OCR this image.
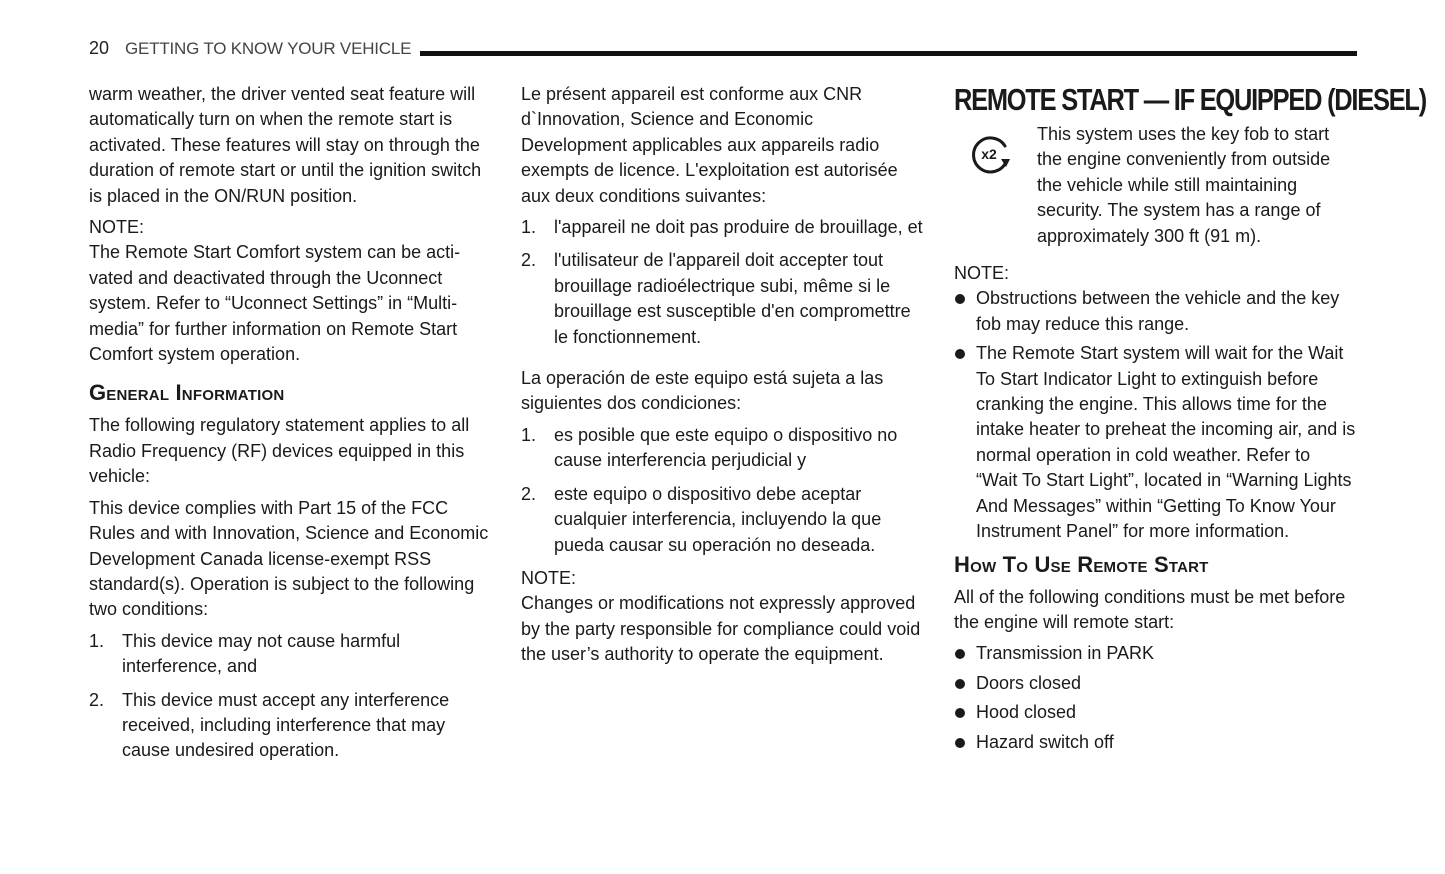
20 GETTING TO KNOW YOUR VEHICLE

warm weather, the driver vented seat feature will automatically turn on when the remote start is activated. These features will stay on through the duration of remote start or until the ignition switch is placed in the ON/RUN position.

NOTE:

The Remote Start Comfort system can be activated and deactivated through the Uconnect system. Refer to “Uconnect Settings” in “Multimedia” for further information on Remote Start Comfort system operation.

General Information

The following regulatory statement applies to all Radio Frequency (RF) devices equipped in this vehicle:

This device complies with Part 15 of the FCC Rules and with Innovation, Science and Economic Development Canada license-exempt RSS standard(s). Operation is subject to the following two conditions:

1. This device may not cause harmful interference, and
2. This device must accept any interference received, including interference that may cause undesired operation.

Le présent appareil est conforme aux CNR d`Innovation, Science and Economic Development applicables aux appareils radio exempts de licence. L'exploitation est autorisée aux deux conditions suivantes:

1. l'appareil ne doit pas produire de brouillage, et
2. l'utilisateur de l'appareil doit accepter tout brouillage radioélectrique subi, même si le brouillage est susceptible d'en compromettre le fonctionnement.

La operación de este equipo está sujeta a las siguientes dos condiciones:

1. es posible que este equipo o dispositivo no cause interferencia perjudicial y
2. este equipo o dispositivo debe aceptar cualquier interferencia, incluyendo la que pueda causar su operación no deseada.

NOTE:

Changes or modifications not expressly approved by the party responsible for compliance could void the user’s authority to operate the equipment.

REMOTE START — IF EQUIPPED (DIESEL)
x2

This system uses the key fob to start the engine conveniently from outside the vehicle while still maintaining security. The system has a range of approximately 300 ft (91 m).

NOTE:

Obstructions between the vehicle and the key fob may reduce this range.
The Remote Start system will wait for the Wait To Start Indicator Light to extinguish before cranking the engine. This allows time for the intake heater to preheat the incoming air, and is normal operation in cold weather. Refer to “Wait To Start Light”, located in “Warning Lights And Messages” within “Getting To Know Your Instrument Panel” for more information.
How To Use Remote Start

All of the following conditions must be met before the engine will remote start:

Transmission in PARK
Doors closed
Hood closed
Hazard switch off
